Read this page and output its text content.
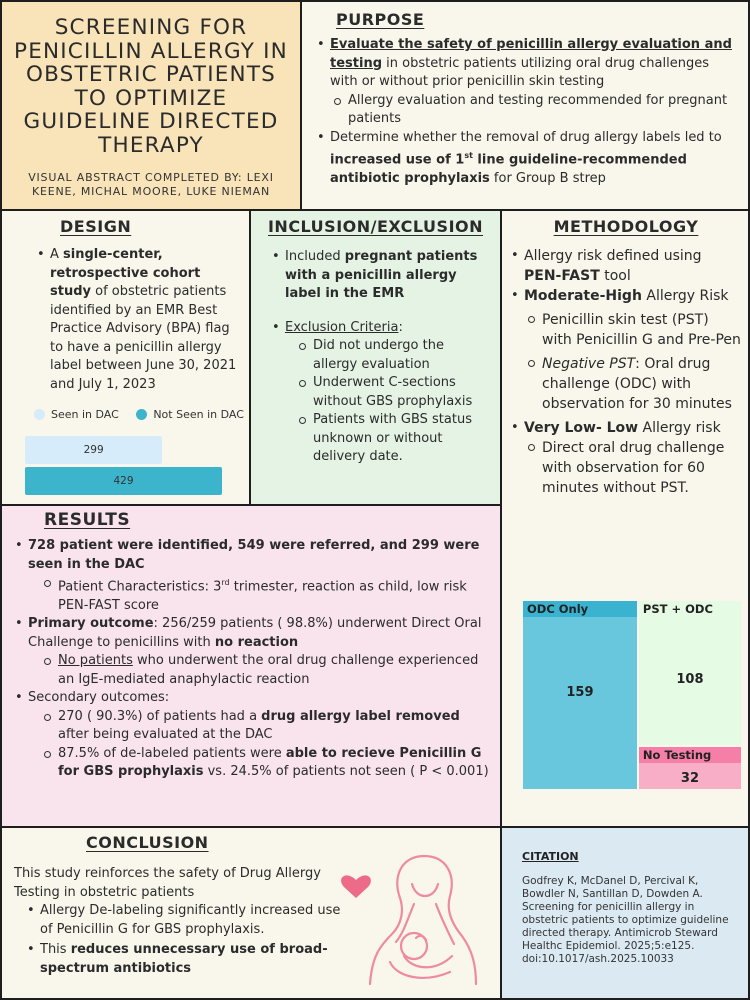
SCREENING FOR PENICILLIN ALLERGY IN OBSTETRIC PATIENTS TO OPTIMIZE GUIDELINE DIRECTED THERAPY

VISUAL ABSTRACT COMPLETED BY: LEXI KEENE, MICHAL MOORE, LUKE NIEMAN

PURPOSE
• Evaluate the safety of penicillin allergy evaluation and testing in obstetric patients utilizing oral drug challenges with or without prior penicillin skin testing
Allergy evaluation and testing recommended for pregnant patients
• Determine whether the removal of drug allergy labels led to increased use of 1st line guideline-recommended antibiotic prophylaxis for Group B strep
DESIGN
• A single-center, retrospective cohort study of obstetric patients identified by an EMR Best Practice Advisory (BPA) flag to have a penicillin allergy label between June 30, 2021 and July 1, 2023
Seen in DAC	Not Seen in DAC
299
429
INCLUSION/EXCLUSION
• Included pregnant patients with a penicillin allergy label in the EMR
• Exclusion Criteria:
Did not undergo the allergy evaluation
Underwent C-sections without GBS prophylaxis
Patients with GBS status unknown or without delivery date.
METHODOLOGY
• Allergy risk defined using PEN-FAST tool
• Moderate-High Allergy Risk
Penicillin skin test (PST) with Penicillin G and Pre-Pen
Negative PST: Oral drug challenge (ODC) with observation for 30 minutes
• Very Low- Low Allergy risk
Direct oral drug challenge with observation for 60 minutes without PST.
ODC Only
159
PST + ODC
108
No Testing
32
RESULTS
• 728 patient were identified, 549 were referred, and 299 were seen in the DAC
Patient Characteristics: 3rd trimester, reaction as child, low risk PEN-FAST score
• Primary outcome: 256/259 patients ( 98.8%) underwent Direct Oral Challenge to penicillins with no reaction
No patients who underwent the oral drug challenge experienced an IgE-mediated anaphylactic reaction
• Secondary outcomes:
270 ( 90.3%) of patients had a drug allergy label removed after being evaluated at the DAC
87.5% of de-labeled patients were able to recieve Penicillin G for GBS prophylaxis vs. 24.5% of patients not seen ( P < 0.001)
CONCLUSION
This study reinforces the safety of Drug Allergy Testing in obstetric patients
• Allergy De-labeling significantly increased use of Penicillin G for GBS prophylaxis.
• This reduces unnecessary use of broad-spectrum antibiotics
CITATION

Godfrey K, McDanel D, Percival K, Bowdler N, Santillan D, Dowden A. Screening for penicillin allergy in obstetric patients to optimize guideline directed therapy. Antimicrob Steward Healthc Epidemiol. 2025;5:e125. doi:10.1017/ash.2025.10033
